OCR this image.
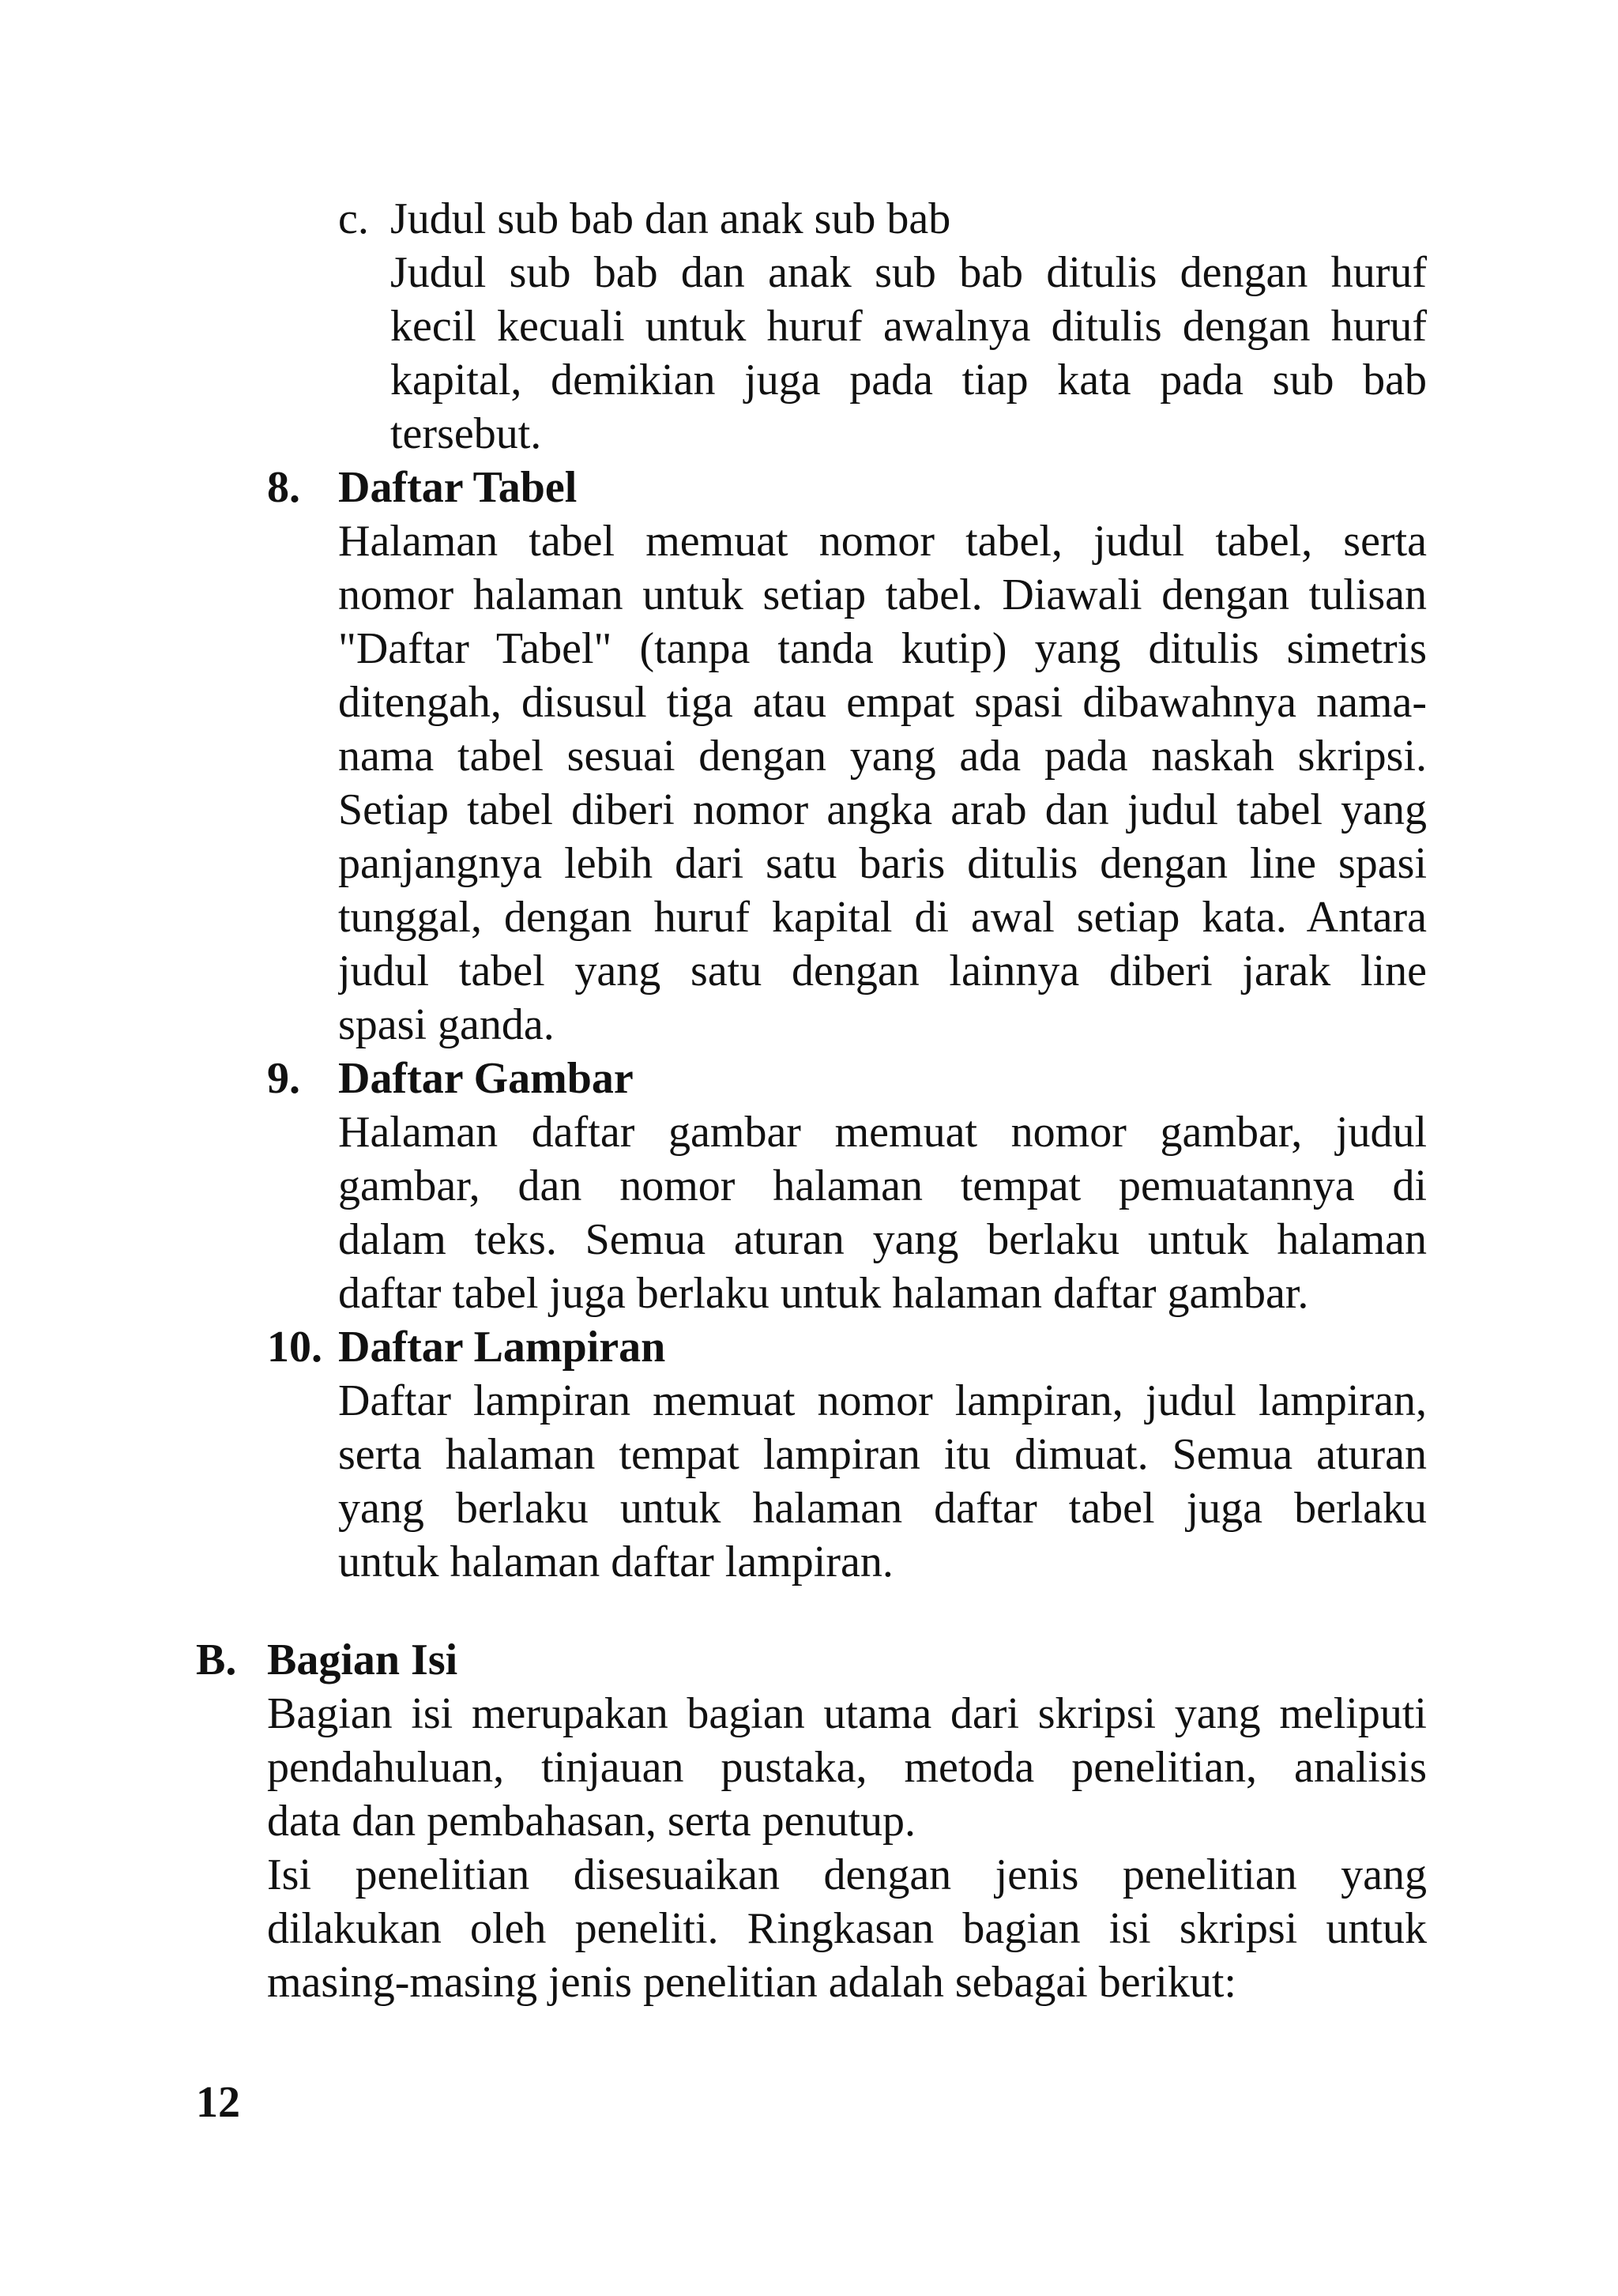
c. Judul sub bab dan anak sub bab
Judul sub bab dan anak sub bab ditulis dengan huruf
kecil kecuali untuk huruf awalnya ditulis dengan huruf
kapital, demikian juga pada tiap kata pada sub bab
tersebut.
8. Daftar Tabel
Halaman tabel memuat nomor tabel, judul tabel, serta
nomor halaman untuk setiap tabel. Diawali dengan tulisan
"Daftar Tabel" (tanpa tanda kutip) yang ditulis simetris
ditengah, disusul tiga atau empat spasi dibawahnya nama-
nama tabel sesuai dengan yang ada pada naskah skripsi.
Setiap tabel diberi nomor angka arab dan judul tabel yang
panjangnya lebih dari satu baris ditulis dengan line spasi
tunggal, dengan huruf kapital di awal setiap kata. Antara
judul tabel yang satu dengan lainnya diberi jarak line
spasi ganda.
9. Daftar Gambar
Halaman daftar gambar memuat nomor gambar, judul
gambar, dan nomor halaman tempat pemuatannya di
dalam teks. Semua aturan yang berlaku untuk halaman
daftar tabel juga berlaku untuk halaman daftar gambar.
10. Daftar Lampiran
Daftar lampiran memuat nomor lampiran, judul lampiran,
serta halaman tempat lampiran itu dimuat. Semua aturan
yang berlaku untuk halaman daftar tabel juga berlaku
untuk halaman daftar lampiran.
B. Bagian Isi
Bagian isi merupakan bagian utama dari skripsi yang meliputi
pendahuluan, tinjauan pustaka, metoda penelitian, analisis
data dan pembahasan, serta penutup.
Isi penelitian disesuaikan dengan jenis penelitian yang
dilakukan oleh peneliti. Ringkasan bagian isi skripsi untuk
masing-masing jenis penelitian adalah sebagai berikut:
12
